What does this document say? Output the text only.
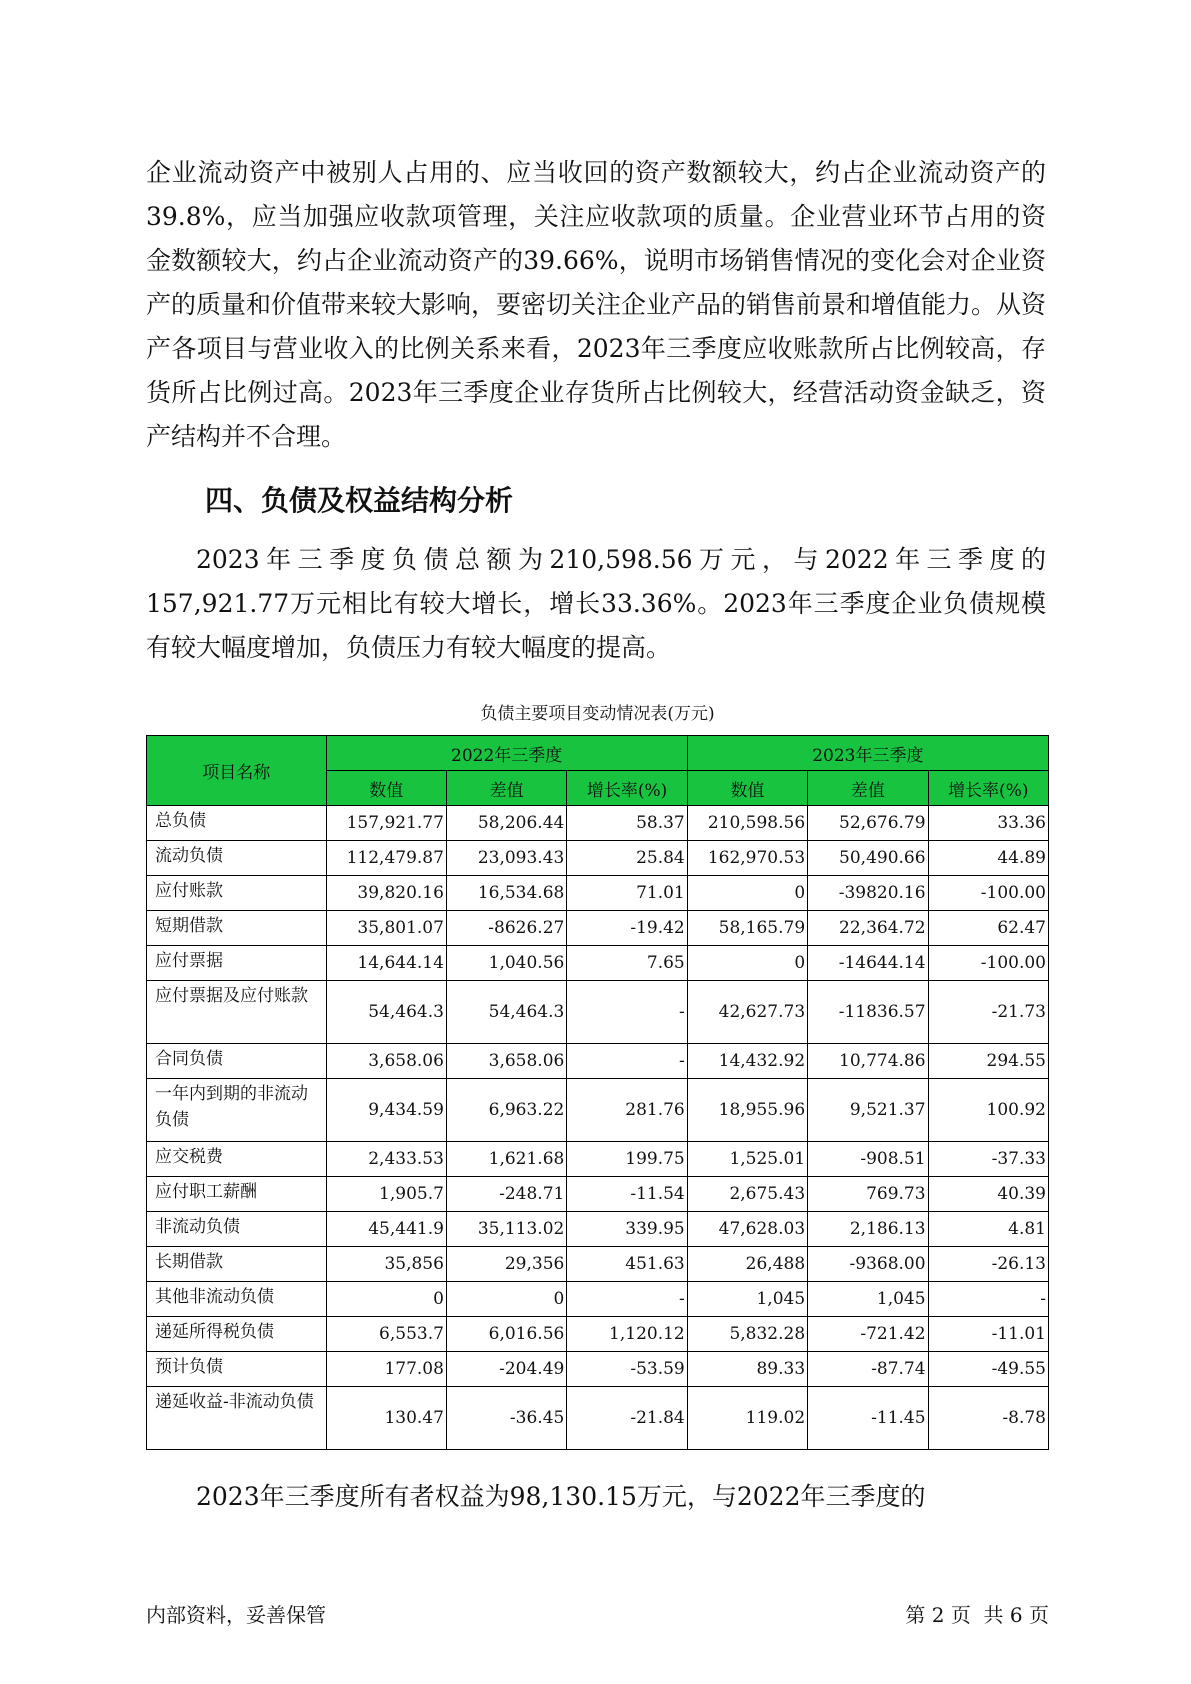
企业流动资产中被别人占用的、应当收回的资产数额较大，约占企业流动资产的39.8%，应当加强应收款项管理，关注应收款项的质量。企业营业环节占用的资金数额较大，约占企业流动资产的39.66%，说明市场销售情况的变化会对企业资产的质量和价值带来较大影响，要密切关注企业产品的销售前景和增值能力。从资产各项目与营业收入的比例关系来看，2023年三季度应收账款所占比例较高，存货所占比例过高。2023年三季度企业存货所占比例较大，经营活动资金缺乏，资产结构并不合理。

四、负债及权益结构分析

2023年三季度负债总额为210,598.56万元，与2022年三季度的157,921.77万元相比有较大增长，增长33.36%。2023年三季度企业负债规模有较大幅度增加，负债压力有较大幅度的提高。

负债主要项目变动情况表(万元)
项目名称	2022年三季度			2023年三季度		
	数值	差值	增长率(%)	数值	差值	增长率(%)
总负债	157,921.77	58,206.44	58.37	210,598.56	52,676.79	33.36
流动负债	112,479.87	23,093.43	25.84	162,970.53	50,490.66	44.89
应付账款	39,820.16	16,534.68	71.01	0	-39820.16	-100.00
短期借款	35,801.07	-8626.27	-19.42	58,165.79	22,364.72	62.47
应付票据	14,644.14	1,040.56	7.65	0	-14644.14	-100.00
应付票据及应付账款	54,464.3	54,464.3	-	42,627.73	-11836.57	-21.73
合同负债	3,658.06	3,658.06	-	14,432.92	10,774.86	294.55
一年内到期的非流动负债	9,434.59	6,963.22	281.76	18,955.96	9,521.37	100.92
应交税费	2,433.53	1,621.68	199.75	1,525.01	-908.51	-37.33
应付职工薪酬	1,905.7	-248.71	-11.54	2,675.43	769.73	40.39
非流动负债	45,441.9	35,113.02	339.95	47,628.03	2,186.13	4.81
长期借款	35,856	29,356	451.63	26,488	-9368.00	-26.13
其他非流动负债	0	0	-	1,045	1,045	-
递延所得税负债	6,553.7	6,016.56	1,120.12	5,832.28	-721.42	-11.01
预计负债	177.08	-204.49	-53.59	89.33	-87.74	-49.55
递延收益-非流动负债	130.47	-36.45	-21.84	119.02	-11.45	-8.78

2023年三季度所有者权益为98,130.15万元，与2022年三季度的

内部资料，妥善保管	第 2 页  共 6 页
